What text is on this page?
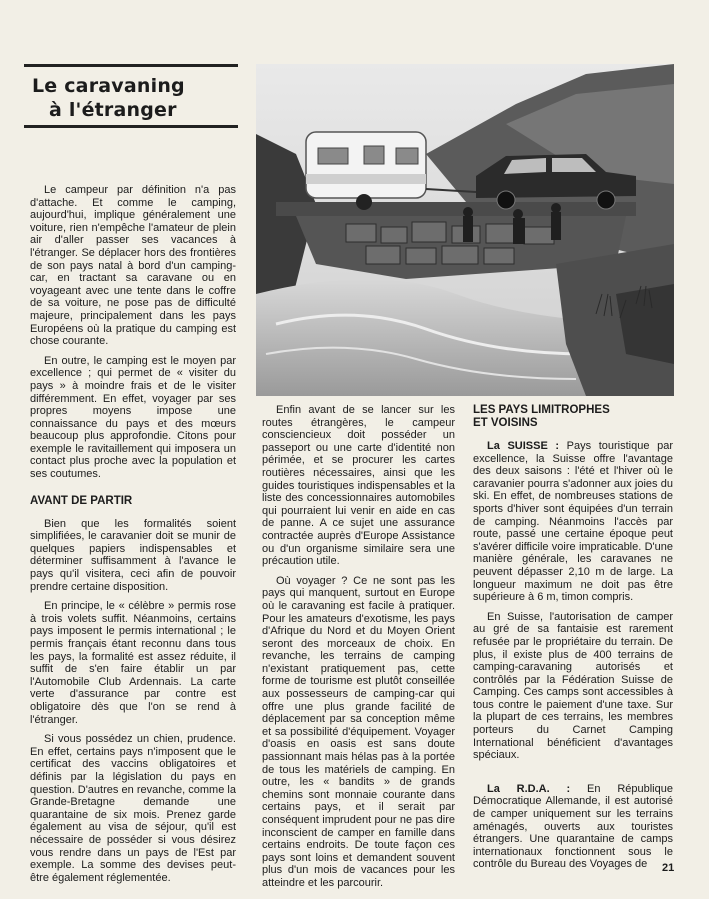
Le caravaning
à l'étranger

Le campeur par définition n'a pas d'attache. Et comme le camping, aujourd'hui, implique généralement une voiture, rien n'empêche l'amateur de plein air d'aller passer ses vacances à l'étranger. Se déplacer hors des frontières de son pays natal à bord d'un camping-car, en tractant sa caravane ou en voyageant avec une tente dans le coffre de sa voiture, ne pose pas de difficulté majeure, principalement dans les pays Européens où la pratique du camping est chose courante.

En outre, le camping est le moyen par excellence ; qui permet de « visiter du pays » à moindre frais et de le visiter différemment. En effet, voyager par ses propres moyens impose une connaissance du pays et des mœurs beaucoup plus approfondie. Citons pour exemple le ravitaillement qui imposera un contact plus proche avec la population et ses coutumes.

AVANT DE PARTIR

Bien que les formalités soient simplifiées, le caravanier doit se munir de quelques papiers indispensables et déterminer suffisamment à l'avance le pays qu'il visitera, ceci afin de pouvoir prendre certaine disposition.

En principe, le « célèbre » permis rose à trois volets suffit. Néanmoins, certains pays imposent le permis international ; le permis français étant reconnu dans tous les pays, la formalité est assez réduite, il suffit de s'en faire établir un par l'Automobile Club Ardennais. La carte verte d'assurance par contre est obligatoire dès que l'on se rend à l'étranger.

Si vous possédez un chien, prudence. En effet, certains pays n'imposent que le certificat des vaccins obligatoires et définis par la législation du pays en question. D'autres en revanche, comme la Grande-Bretagne demande une quarantaine de six mois. Prenez garde également au visa de séjour, qu'il est nécessaire de posséder si vous désirez vous rendre dans un pays de l'Est par exemple. La somme des devises peut-être également réglementée.

Enfin avant de se lancer sur les routes étrangères, le campeur consciencieux doit posséder un passeport ou une carte d'identité non périmée, et se procurer les cartes routières nécessaires, ainsi que les guides touristiques indispensables et la liste des concessionnaires automobiles qui pourraient lui venir en aide en cas de panne. A ce sujet une assurance contractée auprès d'Europe Assistance ou d'un organisme similaire sera une précaution utile.

Où voyager ? Ce ne sont pas les pays qui manquent, surtout en Europe où le caravaning est facile à pratiquer. Pour les amateurs d'exotisme, les pays d'Afrique du Nord et du Moyen Orient seront des morceaux de choix. En revanche, les terrains de camping n'existant pratiquement pas, cette forme de tourisme est plutôt conseillée aux possesseurs de camping-car qui offre une plus grande facilité de déplacement par sa conception même et sa possibilité d'équipement. Voyager d'oasis en oasis est sans doute passionnant mais hélas pas à la portée de tous les matériels de camping. En outre, les « bandits » de grands chemins sont monnaie courante dans certains pays, et il serait par conséquent imprudent pour ne pas dire inconscient de camper en famille dans certains endroits. De toute façon ces pays sont loins et demandent souvent plus d'un mois de vacances pour les atteindre et les parcourir.

LES PAYS LIMITROPHES
ET VOISINS

La SUISSE : Pays touristique par excellence, la Suisse offre l'avantage des deux saisons : l'été et l'hiver où le caravanier pourra s'adonner aux joies du ski. En effet, de nombreuses stations de sports d'hiver sont équipées d'un terrain de camping. Néanmoins l'accès par route, passé une certaine époque peut s'avérer difficile voire impraticable. D'une manière générale, les caravanes ne peuvent dépasser 2,10 m de large. La longueur maximum ne doit pas être supérieure à 6 m, timon compris.

En Suisse, l'autorisation de camper au gré de sa fantaisie est rarement refusée par le propriétaire du terrain. De plus, il existe plus de 400 terrains de camping-caravaning autorisés et contrôlés par la Fédération Suisse de Camping. Ces camps sont accessibles à tous contre le paiement d'une taxe. Sur la plupart de ces terrains, les membres porteurs du Carnet Camping International bénéficient d'avantages spéciaux.

La R.D.A. : En République Démocratique Allemande, il est autorisé de camper uniquement sur les terrains aménagés, ouverts aux touristes étrangers. Une quarantaine de camps internationaux fonctionnent sous le contrôle du Bureau des Voyages de	21
